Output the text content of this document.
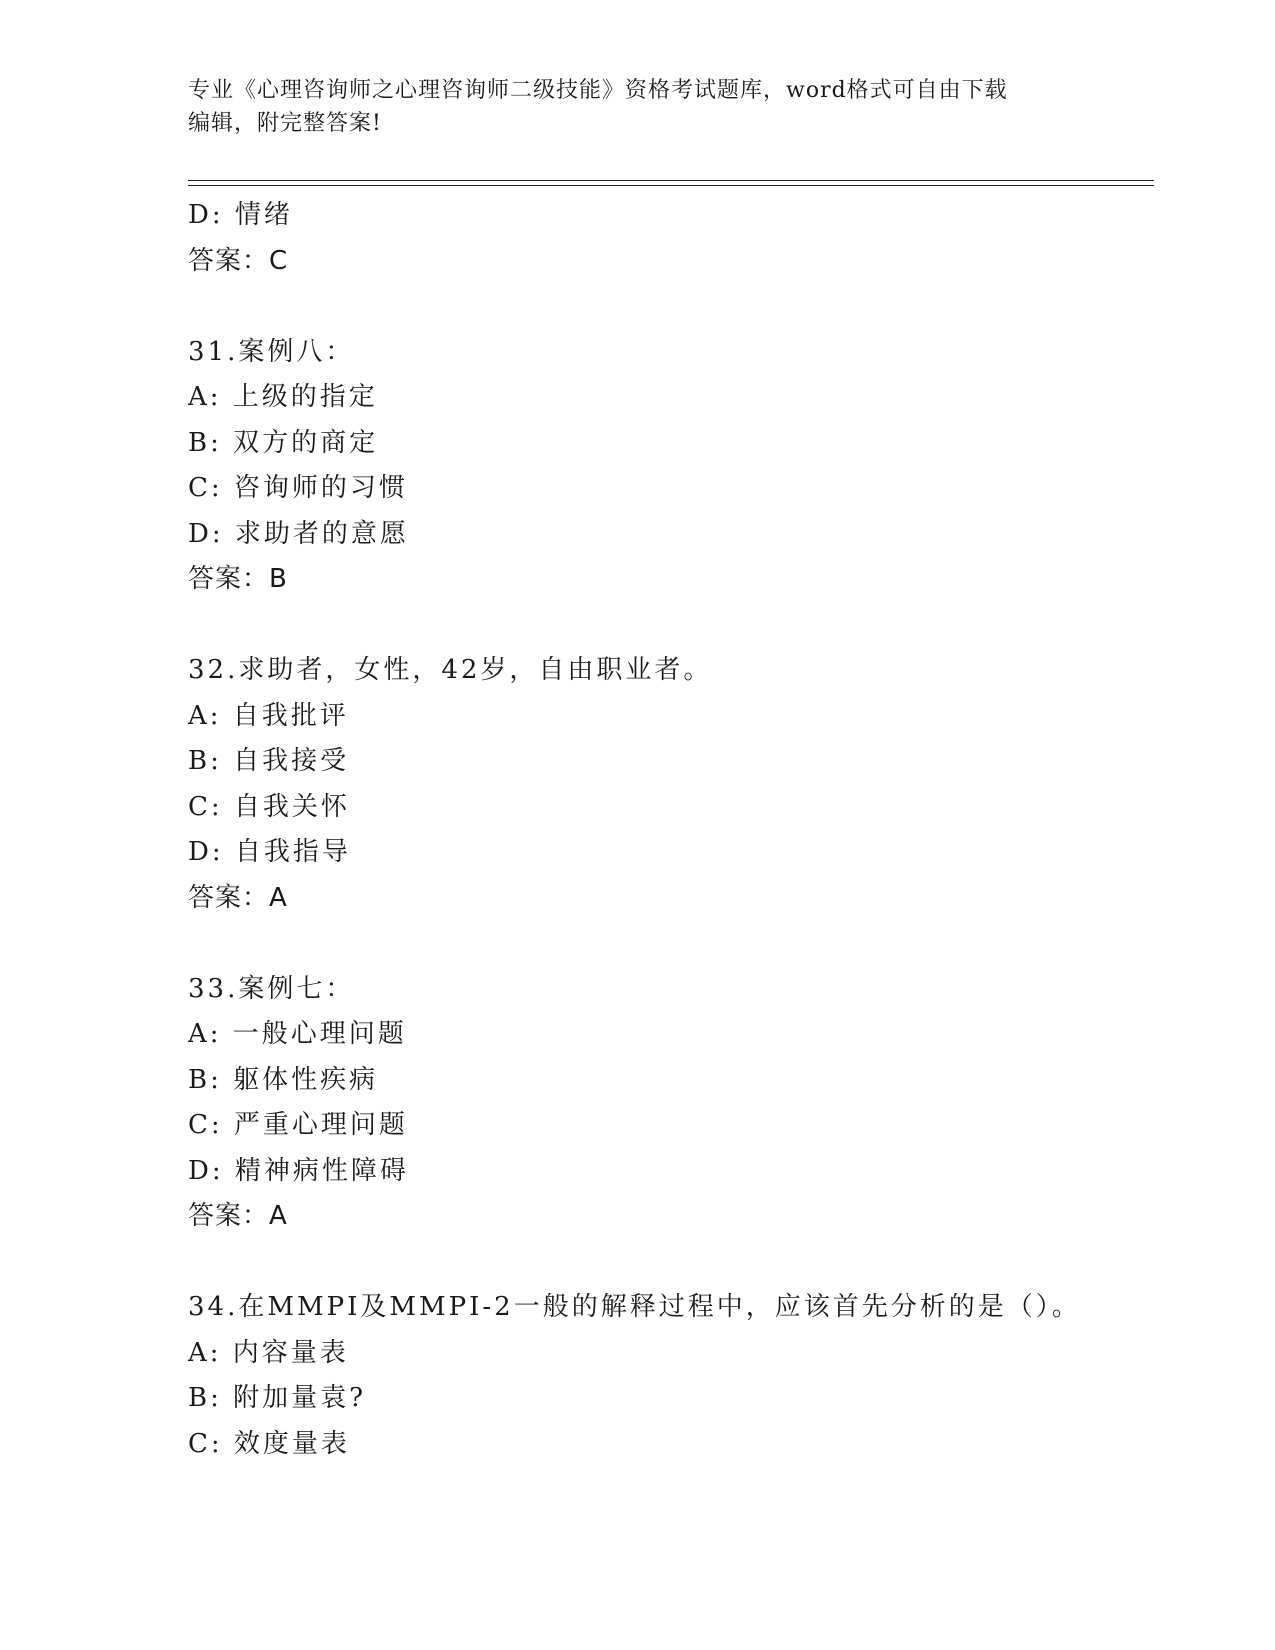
专业《心理咨询师之心理咨询师二级技能》资格考试题库，word格式可自由下载
编辑，附完整答案!
D: 情绪
答案：C
31.案例八：
A: 上级的指定
B: 双方的商定
C: 咨询师的习惯
D: 求助者的意愿
答案：B
32.求助者，女性，42岁，自由职业者。
A: 自我批评
B: 自我接受
C: 自我关怀
D: 自我指导
答案：A
33.案例七：
A: 一般心理问题
B: 躯体性疾病
C: 严重心理问题
D: 精神病性障碍
答案：A
34.在MMPI及MMPI-2一般的解释过程中，应该首先分析的是（）。
A: 内容量表
B: 附加量袁?
C: 效度量表
